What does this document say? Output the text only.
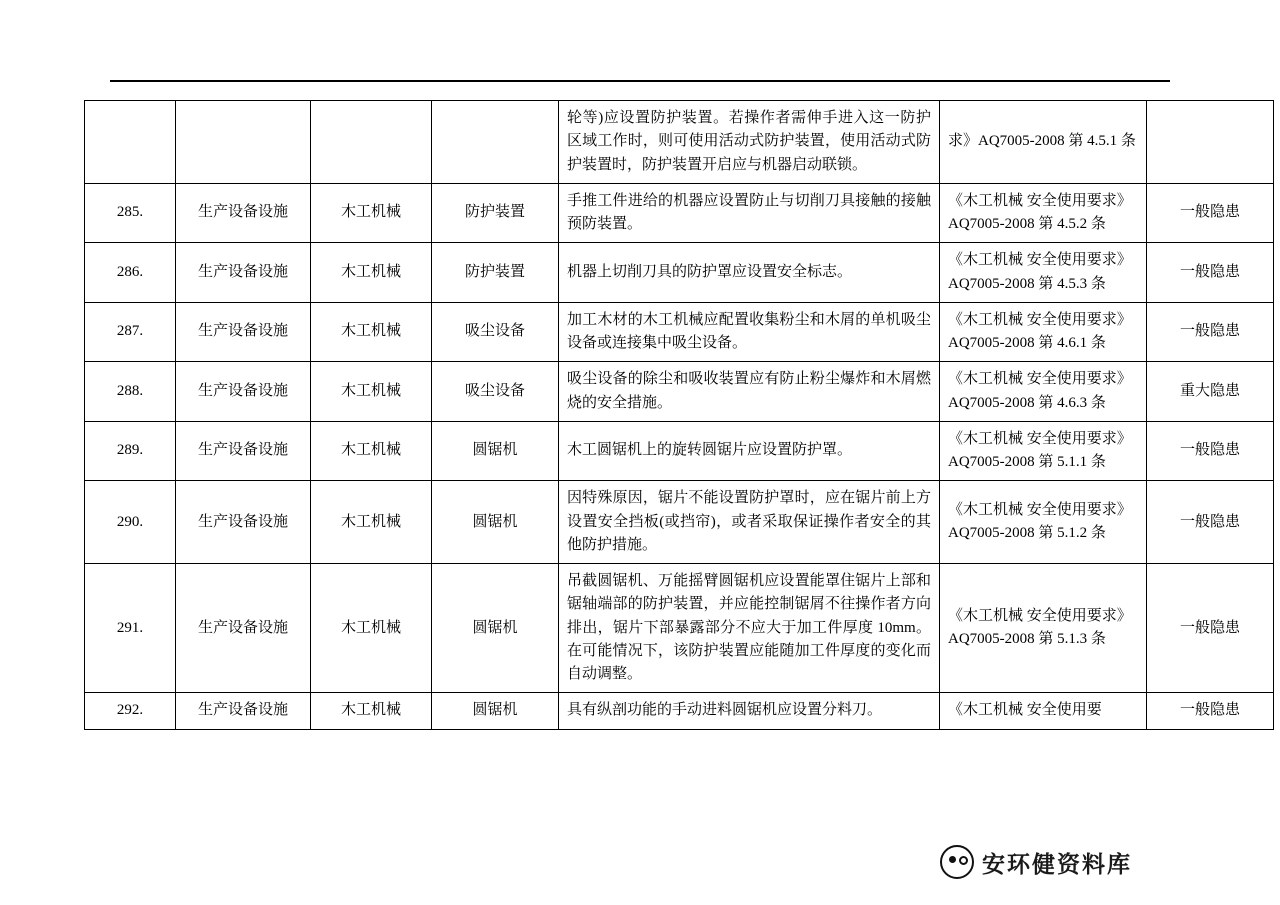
				轮等)应设置防护装置。若操作者需伸手进入这一防护区域工作时，则可使用活动式防护装置，使用活动式防护装置时，防护装置开启应与机器启动联锁。	求》AQ7005-2008 第 4.5.1 条	
285.	生产设备设施	木工机械	防护装置	手推工件进给的机器应设置防止与切削刀具接触的接触预防装置。	《木工机械 安全使用要求》AQ7005-2008 第 4.5.2 条	一般隐患
286.	生产设备设施	木工机械	防护装置	机器上切削刀具的防护罩应设置安全标志。	《木工机械 安全使用要求》AQ7005-2008 第 4.5.3 条	一般隐患
287.	生产设备设施	木工机械	吸尘设备	加工木材的木工机械应配置收集粉尘和木屑的单机吸尘设备或连接集中吸尘设备。	《木工机械 安全使用要求》AQ7005-2008 第 4.6.1 条	一般隐患
288.	生产设备设施	木工机械	吸尘设备	吸尘设备的除尘和吸收装置应有防止粉尘爆炸和木屑燃烧的安全措施。	《木工机械 安全使用要求》AQ7005-2008 第 4.6.3 条	重大隐患
289.	生产设备设施	木工机械	圆锯机	木工圆锯机上的旋转圆锯片应设置防护罩。	《木工机械 安全使用要求》AQ7005-2008 第 5.1.1 条	一般隐患
290.	生产设备设施	木工机械	圆锯机	因特殊原因，锯片不能设置防护罩时，应在锯片前上方设置安全挡板(或挡帘)，或者采取保证操作者安全的其他防护措施。	《木工机械 安全使用要求》AQ7005-2008 第 5.1.2 条	一般隐患
291.	生产设备设施	木工机械	圆锯机	吊截圆锯机、万能摇臂圆锯机应设置能罩住锯片上部和锯轴端部的防护装置，并应能控制锯屑不往操作者方向排出，锯片下部暴露部分不应大于加工件厚度 10mm。在可能情况下，该防护装置应能随加工件厚度的变化而自动调整。	《木工机械 安全使用要求》AQ7005-2008 第 5.1.3 条	一般隐患
292.	生产设备设施	木工机械	圆锯机	具有纵剖功能的手动进料圆锯机应设置分料刀。	《木工机械 安全使用要	一般隐患
安环健资料库
